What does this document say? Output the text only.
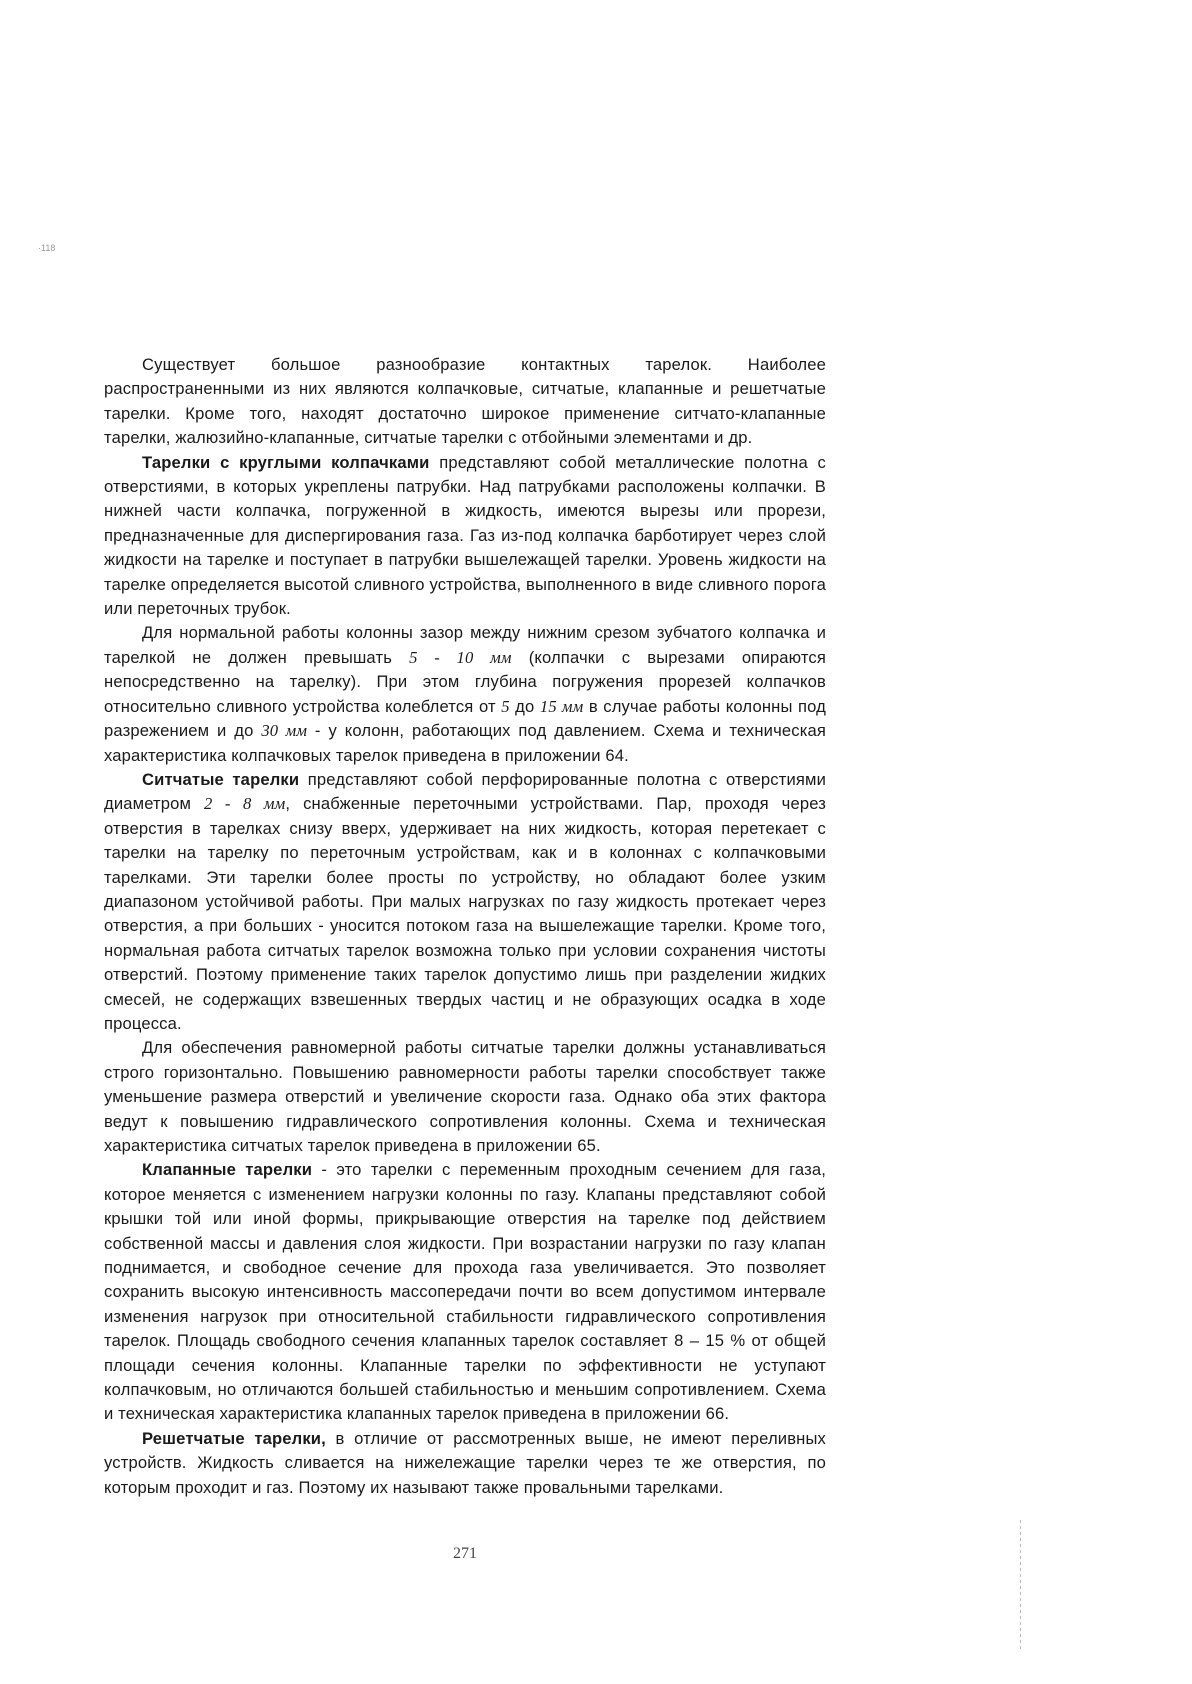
·118

Существует большое разнообразие контактных тарелок. Наиболее распространенными из них являются колпачковые, ситчатые, клапанные и решетчатые тарелки. Кроме того, находят достаточно широкое применение ситчато-клапанные тарелки, жалюзийно-клапанные, ситчатые тарелки с отбойными элементами и др.

Тарелки с круглыми колпачками представляют собой металлические полотна с отверстиями, в которых укреплены патрубки. Над патрубками расположены колпачки. В нижней части колпачка, погруженной в жидкость, имеются вырезы или прорези, предназначенные для диспергирования газа. Газ из-под колпачка барботирует через слой жидкости на тарелке и поступает в патрубки вышележащей тарелки. Уровень жидкости на тарелке определяется высотой сливного устройства, выполненного в виде сливного порога или переточных трубок.

Для нормальной работы колонны зазор между нижним срезом зубчатого колпачка и тарелкой не должен превышать 5 - 10 мм (колпачки с вырезами опираются непосредственно на тарелку). При этом глубина погружения прорезей колпачков относительно сливного устройства колеблется от 5 до 15 мм в случае работы колонны под разрежением и до 30 мм - у колонн, работающих под давлением. Схема и техническая характеристика колпачковых тарелок приведена в приложении 64.

Ситчатые тарелки представляют собой перфорированные полотна с отверстиями диаметром 2 - 8 мм, снабженные переточными устройствами. Пар, проходя через отверстия в тарелках снизу вверх, удерживает на них жидкость, которая перетекает с тарелки на тарелку по переточным устройствам, как и в колоннах с колпачковыми тарелками. Эти тарелки более просты по устройству, но обладают более узким диапазоном устойчивой работы. При малых нагрузках по газу жидкость протекает через отверстия, а при больших - уносится потоком газа на вышележащие тарелки. Кроме того, нормальная работа ситчатых тарелок возможна только при условии сохранения чистоты отверстий. Поэтому применение таких тарелок допустимо лишь при разделении жидких смесей, не содержащих взвешенных твердых частиц и не образующих осадка в ходе процесса.

Для обеспечения равномерной работы ситчатые тарелки должны устанавливаться строго горизонтально. Повышению равномерности работы тарелки способствует также уменьшение размера отверстий и увеличение скорости газа. Однако оба этих фактора ведут к повышению гидравлического сопротивления колонны. Схема и техническая характеристика ситчатых тарелок приведена в приложении 65.

Клапанные тарелки - это тарелки с переменным проходным сечением для газа, которое меняется с изменением нагрузки колонны по газу. Клапаны представляют собой крышки той или иной формы, прикрывающие отверстия на тарелке под действием собственной массы и давления слоя жидкости. При возрастании нагрузки по газу клапан поднимается, и свободное сечение для прохода газа увеличивается. Это позволяет сохранить высокую интенсивность массопередачи почти во всем допустимом интервале изменения нагрузок при относительной стабильности гидравлического сопротивления тарелок. Площадь свободного сечения клапанных тарелок составляет 8 – 15 % от общей площади сечения колонны. Клапанные тарелки по эффективности не уступают колпачковым, но отличаются большей стабильностью и меньшим сопротивлением. Схема и техническая характеристика клапанных тарелок приведена в приложении 66.

Решетчатые тарелки, в отличие от рассмотренных выше, не имеют переливных устройств. Жидкость сливается на нижележащие тарелки через те же отверстия, по которым проходит и газ. Поэтому их называют также провальными тарелками.

271
